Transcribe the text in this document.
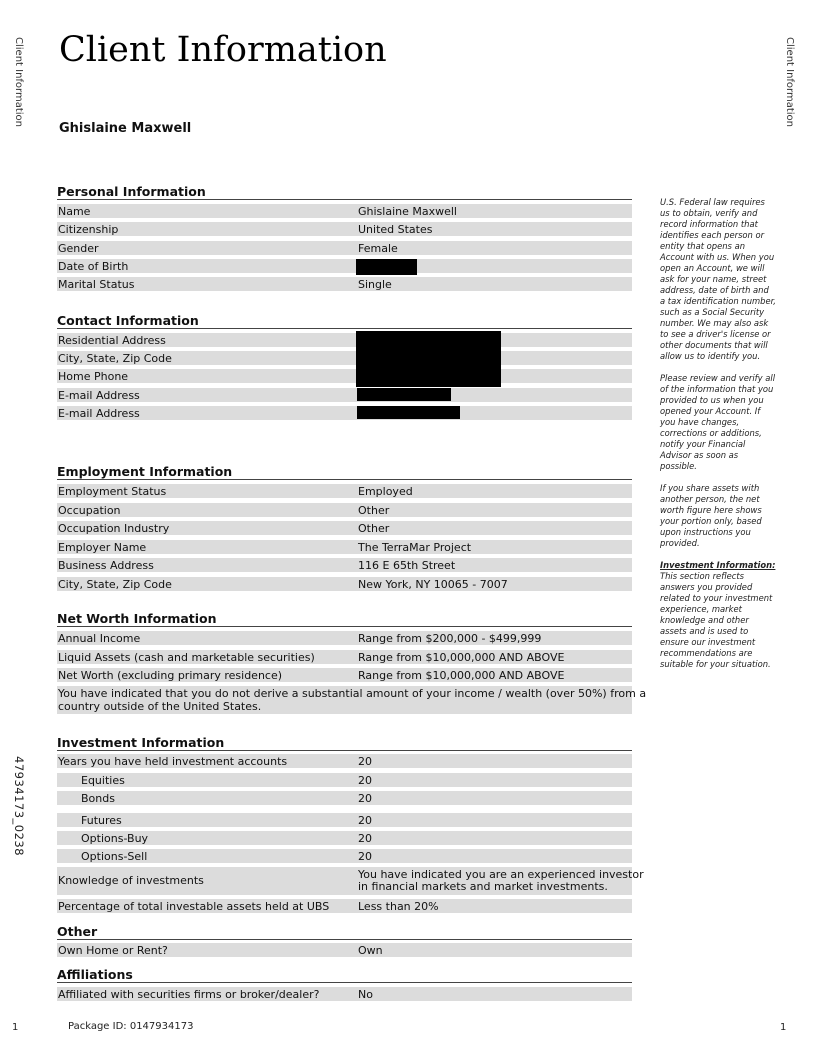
Client Information	Client Information
47934173_0238
Client Information
Ghislaine Maxwell
Personal Information
Name	Ghislaine Maxwell
Citizenship	United States
Gender	Female
Date of Birth
Marital Status	Single
Contact Information
Residential Address
City, State, Zip Code
Home Phone
E-mail Address
E-mail Address
Employment Information
Employment Status	Employed
Occupation	Other
Occupation Industry	Other
Employer Name	The TerraMar Project
Business Address	116 E 65th Street
City, State, Zip Code	New York, NY 10065 - 7007
Net Worth Information
Annual Income	Range from $200,000 - $499,999
Liquid Assets (cash and marketable securities)	Range from $10,000,000 AND ABOVE
Net Worth (excluding primary residence)	Range from $10,000,000 AND ABOVE
You have indicated that you do not derive a substantial amount of your income / wealth (over 50%) from a
country outside of the United States.
Investment Information
Years you have held investment accounts	20
Equities	20
Bonds	20
Futures	20
Options-Buy	20
Options-Sell	20
Knowledge of investments	You have indicated you are an experienced investor
in financial markets and market investments.
Percentage of total investable assets held at UBS	Less than 20%
Other
Own Home or Rent?	Own
Affiliations
Affiliated with securities firms or broker/dealer?	No

U.S. Federal law requires us to obtain, verify and record information that identifies each person or entity that opens an Account with us. When you open an Account, we will ask for your name, street address, date of birth and a tax identification number, such as a Social Security number. We may also ask to see a driver's license or other documents that will allow us to identify you.

Please review and verify all of the information that you provided to us when you opened your Account. If you have changes, corrections or additions, notify your Financial Advisor as soon as possible.

If you share assets with another person, the net worth figure here shows your portion only, based upon instructions you provided.

Investment Information:
This section reflects answers you provided related to your investment experience, market knowledge and other assets and is used to ensure our investment recommendations are suitable for your situation.

1	Package ID: 0147934173	1
